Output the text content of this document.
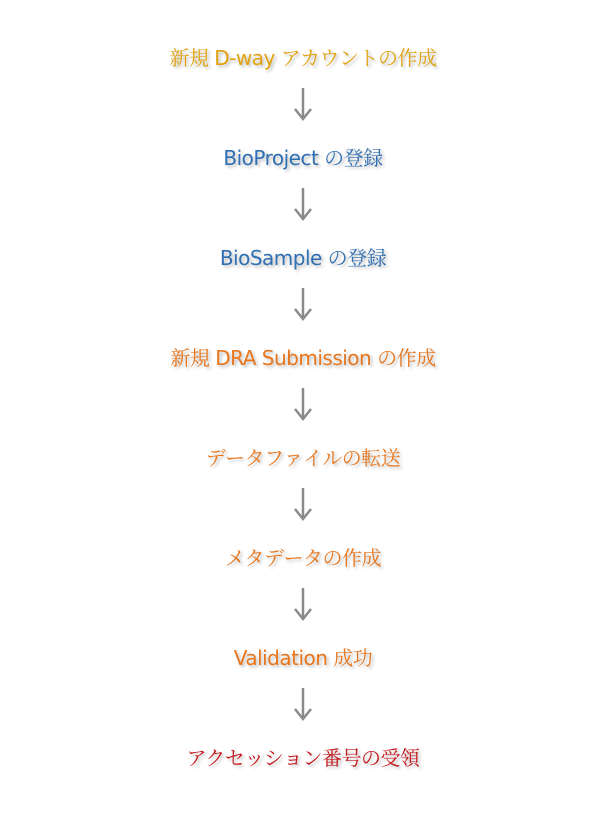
新規 D-way アカウントの作成
BioProject の登録
BioSample の登録
新規 DRA Submission の作成
データファイルの転送
メタデータの作成
Validation 成功
アクセッション番号の受領
